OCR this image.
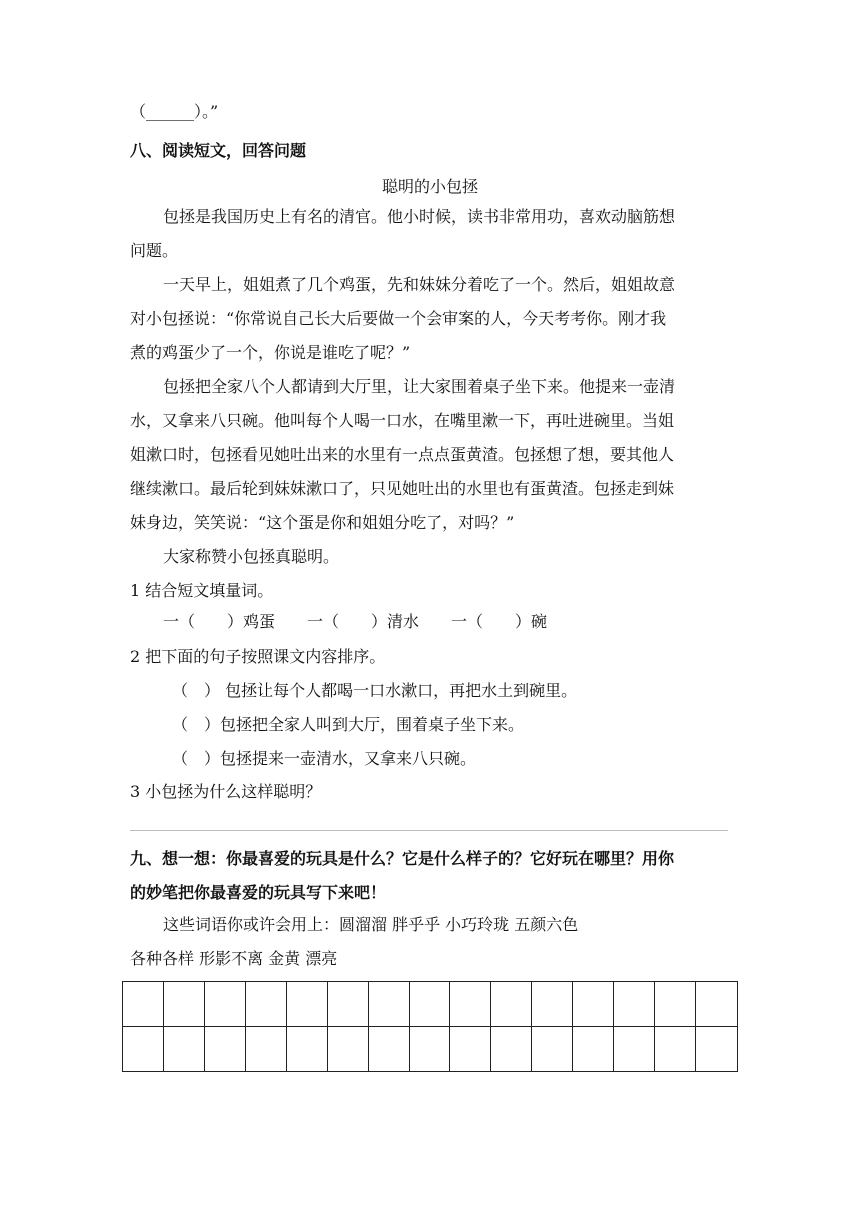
（______）。”
八、阅读短文，回答问题
聪明的小包拯
包拯是我国历史上有名的清官。他小时候，读书非常用功，喜欢动脑筋想
问题。
一天早上，姐姐煮了几个鸡蛋，先和妹妹分着吃了一个。然后，姐姐故意
对小包拯说：“你常说自己长大后要做一个会审案的人，今天考考你。刚才我
煮的鸡蛋少了一个，你说是谁吃了呢？”
包拯把全家八个人都请到大厅里，让大家围着桌子坐下来。他提来一壶清
水，又拿来八只碗。他叫每个人喝一口水，在嘴里漱一下，再吐进碗里。当姐
姐漱口时，包拯看见她吐出来的水里有一点点蛋黄渣。包拯想了想，要其他人
继续漱口。最后轮到妹妹漱口了，只见她吐出的水里也有蛋黄渣。包拯走到妹
妹身边，笑笑说：“这个蛋是你和姐姐分吃了，对吗？”
大家称赞小包拯真聪明。
1 结合短文填量词。
一（　　）鸡蛋　　一（　　）清水　　一（　　）碗
2 把下面的句子按照课文内容排序。
（　） 包拯让每个人都喝一口水漱口，再把水土到碗里。
（　）包拯把全家人叫到大厅，围着桌子坐下来。
（　）包拯提来一壶清水，又拿来八只碗。
3 小包拯为什么这样聪明？
九、想一想：你最喜爱的玩具是什么？它是什么样子的？它好玩在哪里？用你
的妙笔把你最喜爱的玩具写下来吧！
这些词语你或许会用上：圆溜溜 胖乎乎 小巧玲珑 五颜六色
各种各样 形影不离 金黄 漂亮
